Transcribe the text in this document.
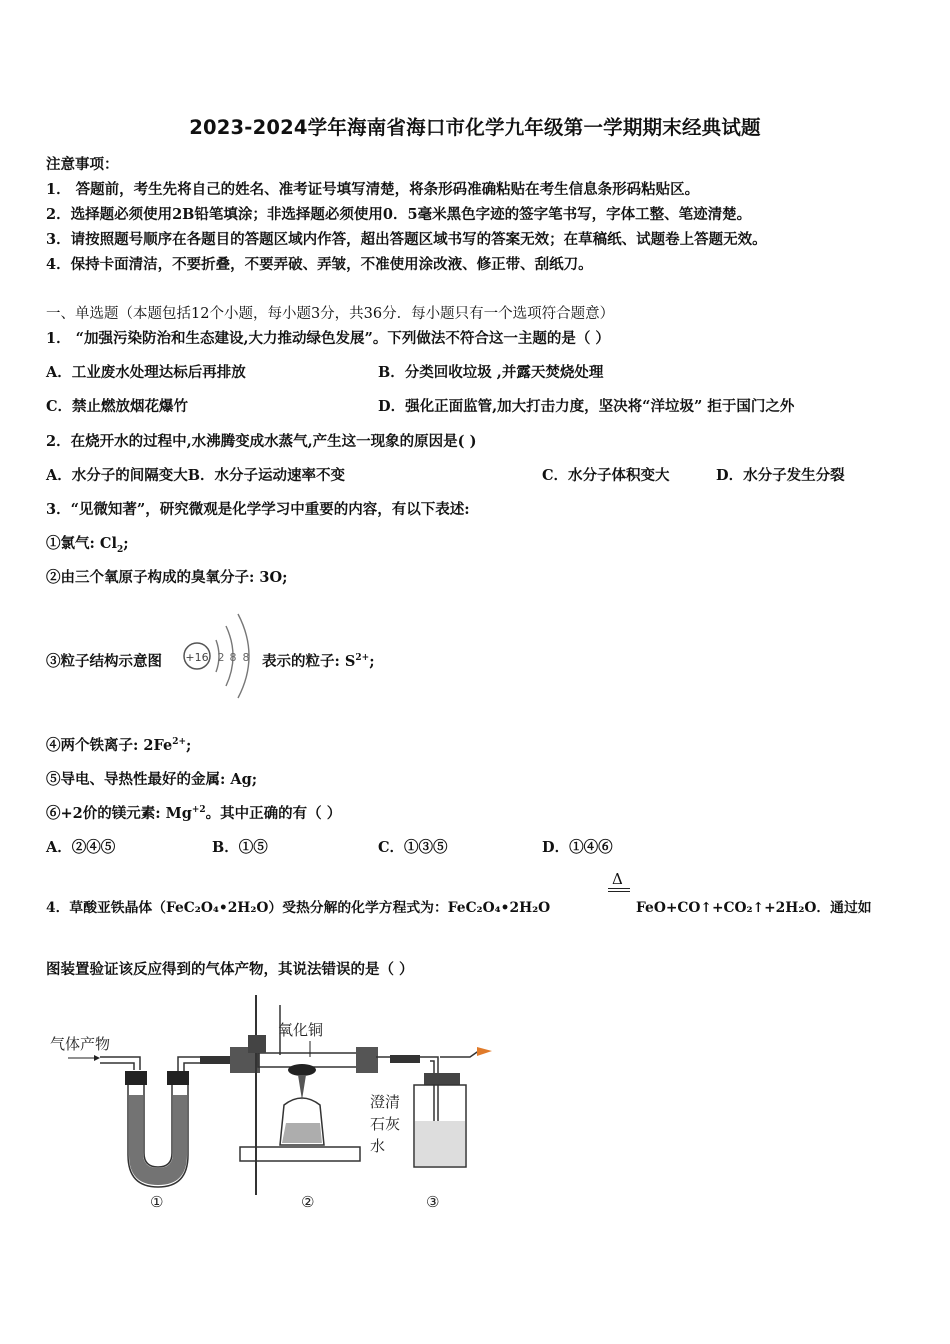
2023-2024学年海南省海口市化学九年级第一学期期末经典试题
注意事项：
1． 答题前，考生先将自己的姓名、准考证号填写清楚，将条形码准确粘贴在考生信息条形码粘贴区。
2．选择题必须使用2B铅笔填涂；非选择题必须使用0．5毫米黑色字迹的签字笔书写，字体工整、笔迹清楚。
3．请按照题号顺序在各题目的答题区域内作答，超出答题区域书写的答案无效；在草稿纸、试题卷上答题无效。
4．保持卡面清洁，不要折叠，不要弄破、弄皱，不准使用涂改液、修正带、刮纸刀。
一、单选题（本题包括12个小题，每小题3分，共36分．每小题只有一个选项符合题意）
1． “加强污染防治和生态建设,大力推动绿色发展”。下列做法不符合这一主题的是（ ）
A．工业废水处理达标后再排放	B．分类回收垃圾 ,并露天焚烧处理
C．禁止燃放烟花爆竹	D．强化正面监管,加大打击力度，坚决将“洋垃圾” 拒于国门之外
2．在烧开水的过程中,水沸腾变成水蒸气,产生这一现象的原因是( )
A．水分子的间隔变大B．水分子运动速率不变	C．水分子体积变大	D．水分子发生分裂
3．“见微知著”，研究微观是化学学习中重要的内容，有以下表述:
①氯气: $Cl_2$;
②由三个氧原子构成的臭氧分子: 3O;
③粒子结构示意图 +16 2 8 8 表示的粒子: $S^{2+}$;
④两个铁离子: $2Fe^{2+}$;
⑤导电、导热性最好的金属: Ag;
⑥+2价的镁元素: $Mg^{+2}$。其中正确的有（ ）
A．②④⑤	B．①⑤	C．①③⑤	D．①④⑥
4．草酸亚铁晶体（FeC₂O₄•2H₂O）受热分解的化学方程式为：FeC₂O₄•2H₂O
Δ
FeO+CO↑+CO₂↑+2H₂O．通过如
图装置验证该反应得到的气体产物，其说法错误的是（ ）
气体产物
氧化铜
澄清
石灰
水
①	②	③
